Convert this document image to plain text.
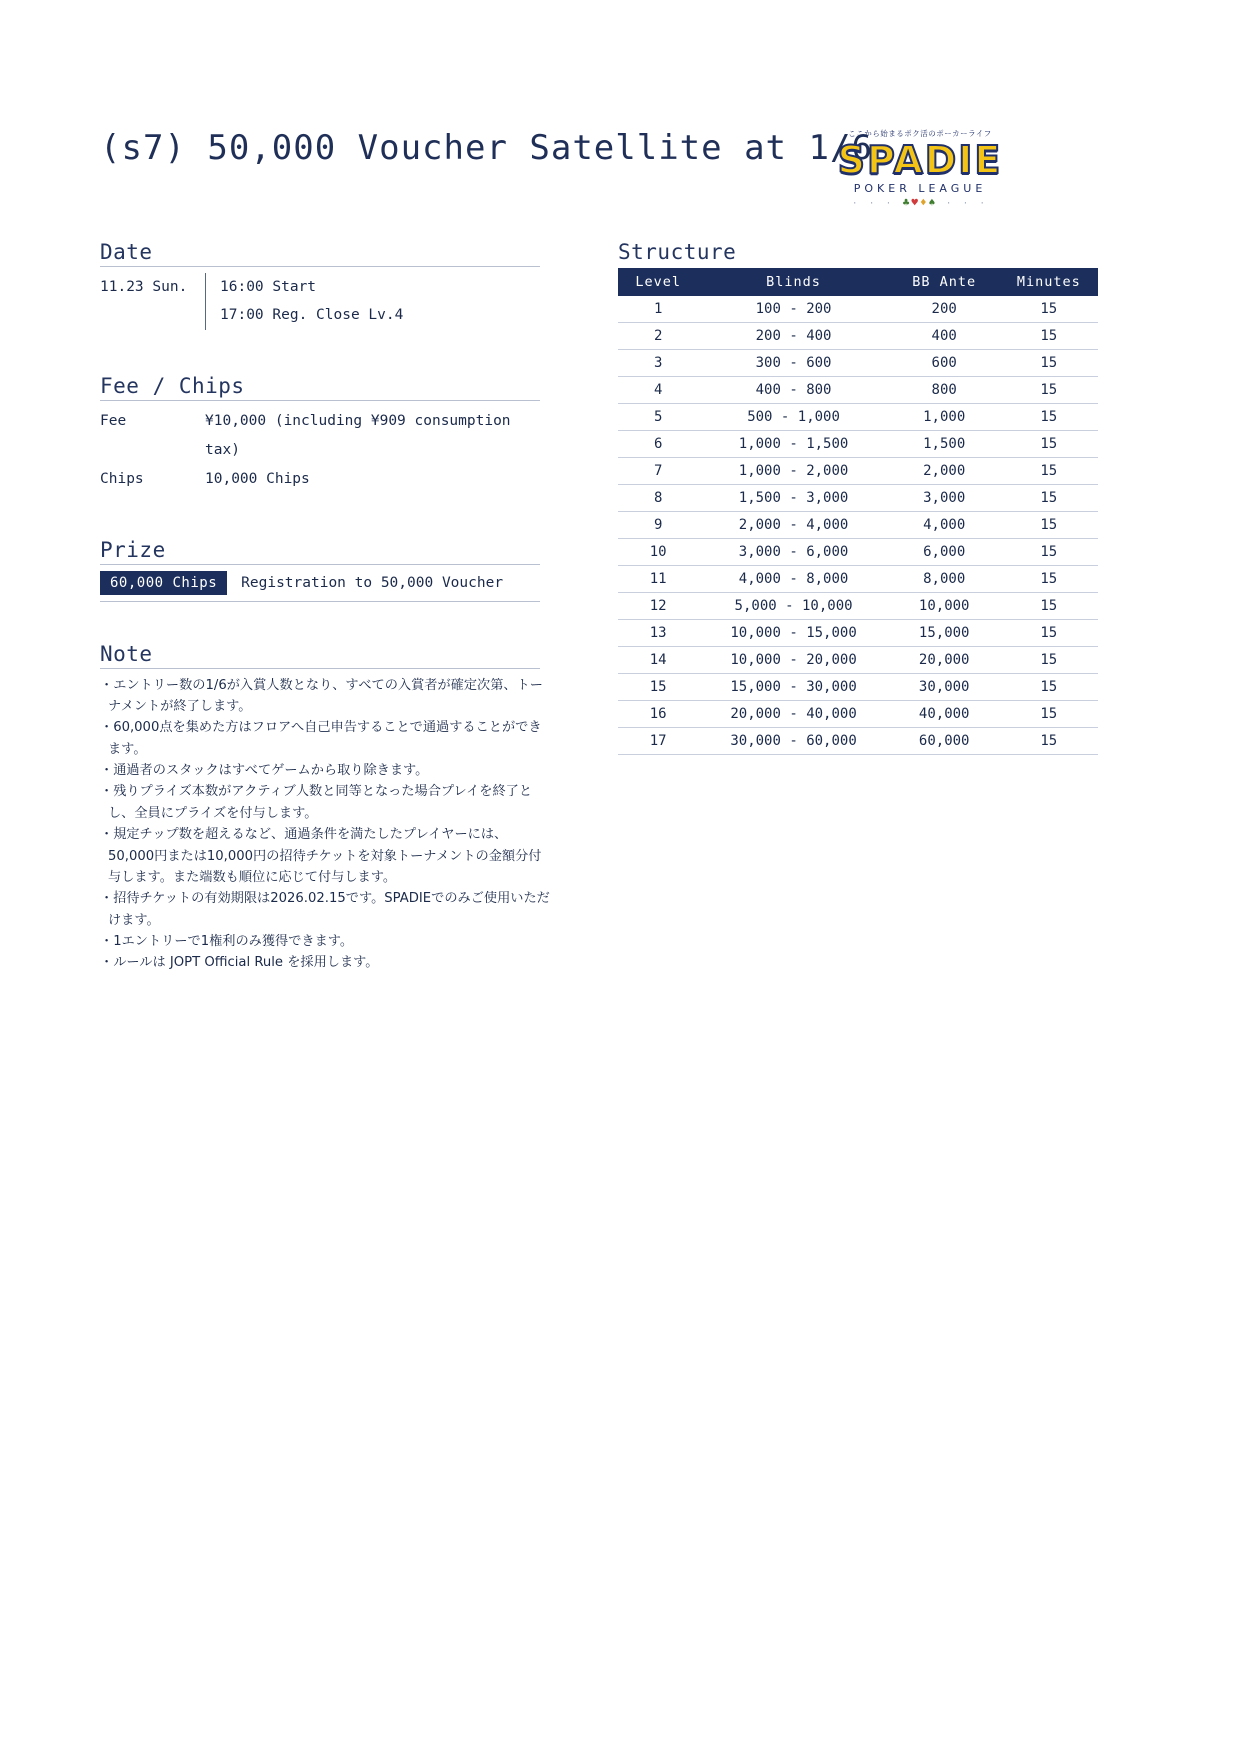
(s7) 50,000 Voucher Satellite at 1/6
ここから始まるポク活のポーカーライフ
SPADIE
POKER LEAGUE
· · · ♣♥♦♠ · · ·
Date
11.23 Sun.	16:00 Start
17:00 Reg. Close Lv.4
Fee / Chips
Fee	¥10,000 (including ¥909 consumption tax)
Chips	10,000 Chips
Prize
60,000 Chips	Registration to 50,000 Voucher
Note
・ エントリー数の1/6が入賞人数となり、すべての入賞者が確定次第、トーナメントが終了します。
・ 60,000点を集めた方はフロアへ自己申告することで通過することができます。
・ 通過者のスタックはすべてゲームから取り除きます。
・ 残りプライズ本数がアクティブ人数と同等となった場合プレイを終了とし、全員にプライズを付与します。
・ 規定チップ数を超えるなど、通過条件を満たしたプレイヤーには、50,000円または10,000円の招待チケットを対象トーナメントの金額分付与します。また端数も順位に応じて付与します。
・ 招待チケットの有効期限は2026.02.15です。SPADIEでのみご使用いただけます。
・ 1エントリーで1権利のみ獲得できます。
・ ルールは JOPT Official Rule を採用します。
Structure
Level	Blinds	BB Ante	Minutes
1	100 - 200	200	15
2	200 - 400	400	15
3	300 - 600	600	15
4	400 - 800	800	15
5	500 - 1,000	1,000	15
6	1,000 - 1,500	1,500	15
7	1,000 - 2,000	2,000	15
8	1,500 - 3,000	3,000	15
9	2,000 - 4,000	4,000	15
10	3,000 - 6,000	6,000	15
11	4,000 - 8,000	8,000	15
12	5,000 - 10,000	10,000	15
13	10,000 - 15,000	15,000	15
14	10,000 - 20,000	20,000	15
15	15,000 - 30,000	30,000	15
16	20,000 - 40,000	40,000	15
17	30,000 - 60,000	60,000	15
